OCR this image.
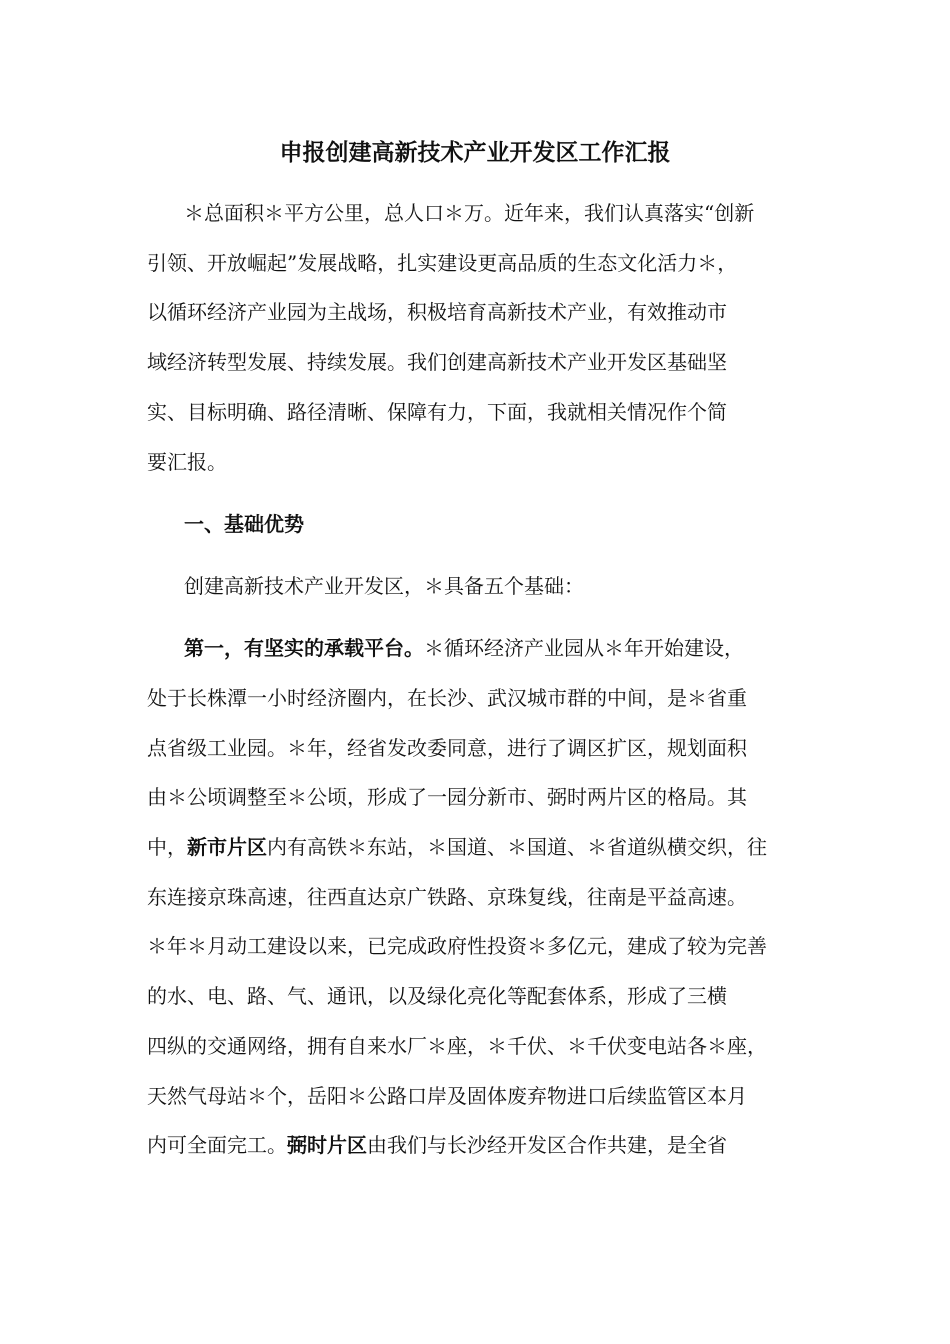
申报创建高新技术产业开发区工作汇报
＊总面积＊平方公里，总人口＊万。近年来，我们认真落实“创新
引领、开放崛起”发展战略，扎实建设更高品质的生态文化活力＊，
以循环经济产业园为主战场，积极培育高新技术产业，有效推动市
域经济转型发展、持续发展。我们创建高新技术产业开发区基础坚
实、目标明确、路径清晰、保障有力，下面，我就相关情况作个简
要汇报。
一、基础优势
创建高新技术产业开发区，＊具备五个基础：
第一，有坚实的承载平台。＊循环经济产业园从＊年开始建设，
处于长株潭一小时经济圈内，在长沙、武汉城市群的中间，是＊省重
点省级工业园。＊年，经省发改委同意，进行了调区扩区，规划面积
由＊公顷调整至＊公顷，形成了一园分新市、弼时两片区的格局。其
中，新市片区内有高铁＊东站，＊国道、＊国道、＊省道纵横交织，往
东连接京珠高速，往西直达京广铁路、京珠复线，往南是平益高速。
＊年＊月动工建设以来，已完成政府性投资＊多亿元，建成了较为完善
的水、电、路、气、通讯，以及绿化亮化等配套体系，形成了三横
四纵的交通网络，拥有自来水厂＊座，＊千伏、＊千伏变电站各＊座，
天然气母站＊个，岳阳＊公路口岸及固体废弃物进口后续监管区本月
内可全面完工。弼时片区由我们与长沙经开发区合作共建，是全省
